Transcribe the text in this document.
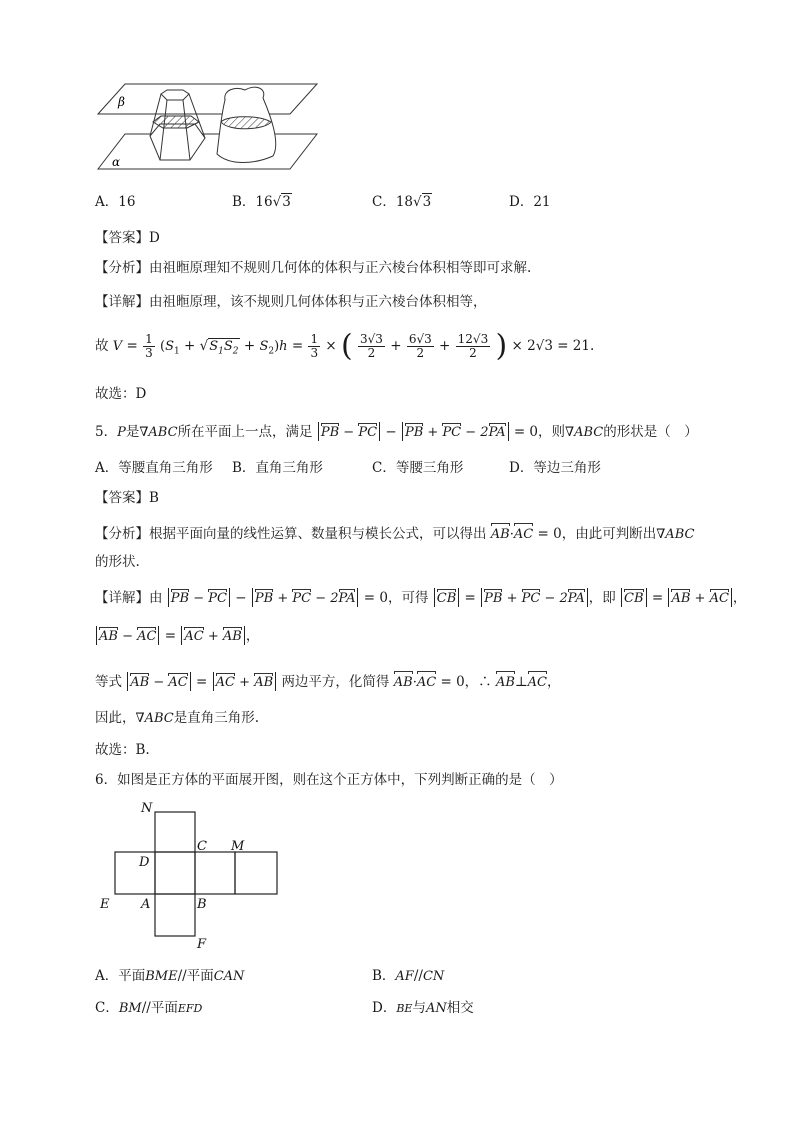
β
α
A．16	B．16√3	C．18√3	D．21
【答案】D
【分析】由祖暅原理知不规则几何体的体积与正六棱台体积相等即可求解.
【详解】由祖暅原理，该不规则几何体体积与正六棱台体积相等，
故 $V = \frac{1}{3} (S_1 + √S_1S_2 + S_2)h = \frac{1}{3}$ × ( $\frac{3√3}{2} + \frac{6√3}{2} + \frac{12√3}{2}$ ) × 2√3 = 21.
故选：D
5．P是∇ABC所在平面上一点，满足 PB − PC − PB + PC − 2PA = 0，则∇ABC的形状是（　）
A．等腰直角三角形 B．直角三角形	C．等腰三角形	D．等边三角形
【答案】B
【分析】根据平面向量的线性运算、数量积与模长公式，可以得出 AB·AC = 0，由此可判断出∇ABC
的形状.
【详解】由 PB − PC − PB + PC − 2PA = 0，可得 CB = PB + PC − 2PA ，即 CB = AB + AC ，
AB − AC = AC + AB ，
等式 AB − AC = AC + AB 两边平方，化简得 AB·AC = 0，∴ AB⊥AC，
因此，∇ABC是直角三角形.
故选：B.
6．如图是正方体的平面展开图，则在这个正方体中，下列判断正确的是（　）
N
C M
D
E A	B
F
A．平面BME//平面CAN	B．AF//CN
C．BM//平面EFD	D．BE与AN相交
